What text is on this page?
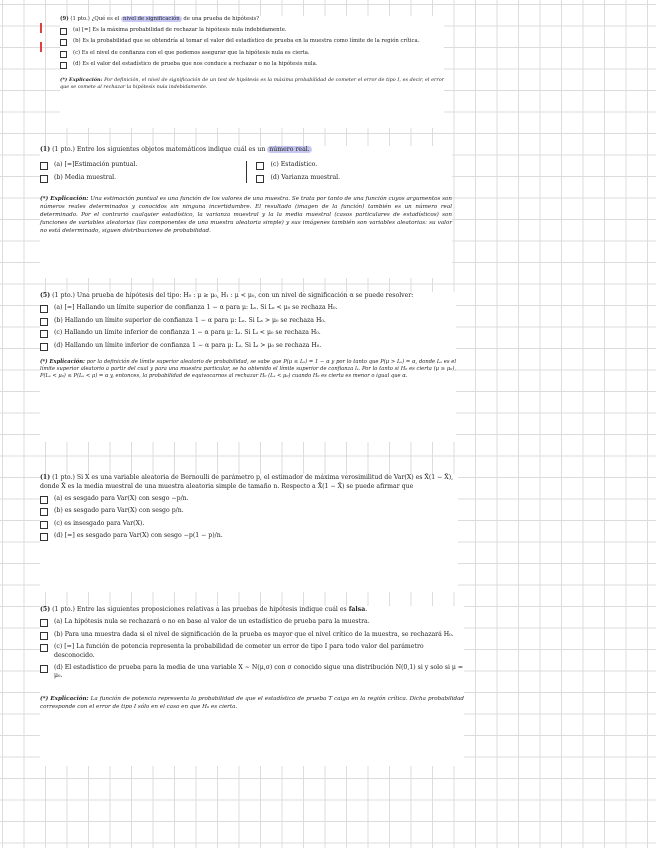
(9) (1 pto.) ¿Qué es el nivel de significación de una prueba de hipótesis?
(a) [=] Es la máxima probabilidad de rechazar la hipótesis nula indebidamente.
(b) Es la probabilidad que se obtendría al tomar el valor del estadístico de prueba en la muestra como límite de la región crítica.
(c) Es el nivel de confianza con el que podemos asegurar que la hipótesis nula es cierta.
(d) Es el valor del estadístico de prueba que nos conduce a rechazar o no la hipótesis nula.
(*) Explicación: Por definición, el nivel de significación de un test de hipótesis es la máxima probabilidad de cometer el error de tipo I, es decir, el error que se comete al rechazar la hipótesis nula indebidamente.
(1) (1 pto.) Entre los siguientes objetos matemáticos indique cuál es un número real.
(a) [=]Estimación puntual.
(b) Media muestral.
(c) Estadístico.
(d) Varianza muestral.
(*) Explicación: Una estimación puntual es una función de los valores de una muestra. Se trata por tanto de una función cuyos argumentos son números reales determinados y conocidos sin ninguna incertidumbre. El resultado (imagen de la función) también es un número real determinado. Por el contrario cualquier estadístico, la varianza muestral y la la media muestral (casos particulares de estadísticos) son funciones de variables aleatorias (las componentes de una muestra aleatoria simple) y sus imágenes también son variables aleatorias: su valor no está determinado, siguen distribuciones de probabilidad.
(5) (1 pto.) Una prueba de hipótesis del tipo: H₀ : μ ≥ μ₀, H₁ : μ < μ₀, con un nivel de significación α se puede resolver:
(a) [=] Hallando un límite superior de confianza 1 − α para μ: Lₛ. Si Lₛ < μ₀ se rechaza H₀.
(b) Hallando un límite superior de confianza 1 − α para μ: Lₛ. Si Lₛ > μ₀ se rechaza H₀.
(c) Hallando un límite inferior de confianza 1 − α para μ: Lᵢ. Si Lᵢ < μ₀ se rechaza H₀.
(d) Hallando un límite inferior de confianza 1 − α para μ: Lᵢ. Si Lᵢ > μ₀ se rechaza H₀.
(*) Explicación: por la definición de límite superior aleatorio de probabilidad, se sabe que P(μ ≤ Lₛ) = 1 − α y por lo tanto que P(μ > Lₛ) = α, donde Lₛ es el límite superior aleatorio a partir del cual y para una muestra particular, se ha obtenido el límite superior de confianza lₛ. Por lo tanto si H₀ es cierta (μ ≥ μ₀), P(Lₛ < μ₀) ≤ P(Lₛ < μ) = α y, entonces, la probabilidad de equivocarnos al rechazar H₀ (Lₛ < μ₀) cuando H₀ es cierta es menor o igual que α.
(1) (1 pto.) Si X es una variable aleatoria de Bernoulli de parámetro p, el estimador de máxima verosimilitud de Var(X) es X̄(1 − X̄), donde X̄ es la media muestral de una muestra aleatoria simple de tamaño n. Respecto a X̄(1 − X̄) se puede afirmar que
(a) es sesgado para Var(X) con sesgo −p/n.
(b) es sesgado para Var(X) con sesgo p/n.
(c) es insesgado para Var(X).
(d) [=] es sesgado para Var(X) con sesgo −p(1 − p)/n.
(5) (1 pto.) Entre las siguientes proposiciones relativas a las pruebas de hipótesis indique cuál es falsa.
(a) La hipótesis nula se rechazará o no en base al valor de un estadístico de prueba para la muestra.
(b) Para una muestra dada si el nivel de significación de la prueba es mayor que el nivel crítico de la muestra, se rechazará H₀.
(c) [=] La función de potencia representa la probabilidad de cometer un error de tipo I para todo valor del parámetro desconocido.
(d) El estadístico de prueba para la media de una variable X ∼ N(μ,σ) con σ conocido sigue una distribución N(0,1) si y solo si μ = μ₀.
(*) Explicación: La función de potencia representa la probabilidad de que el estadístico de prueba T caiga en la región crítica. Dicha probabilidad corresponde con el error de tipo I sólo en el caso en que H₀ es cierta.
